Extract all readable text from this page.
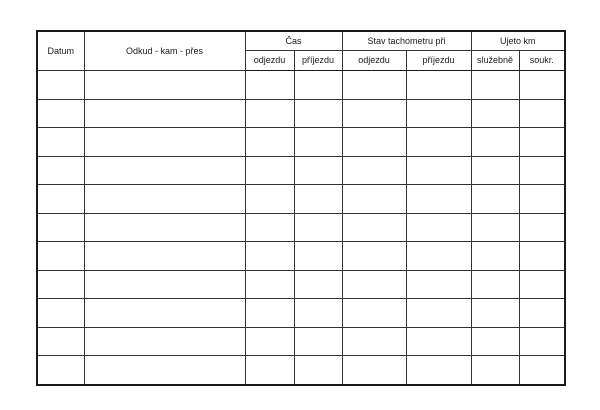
Datum	Odkud - kam - přes	Čas		Stav tachometru při		Ujeto km	
		odjezdu	příjezdu	odjezdu	příjezdu	služebně	soukr.
